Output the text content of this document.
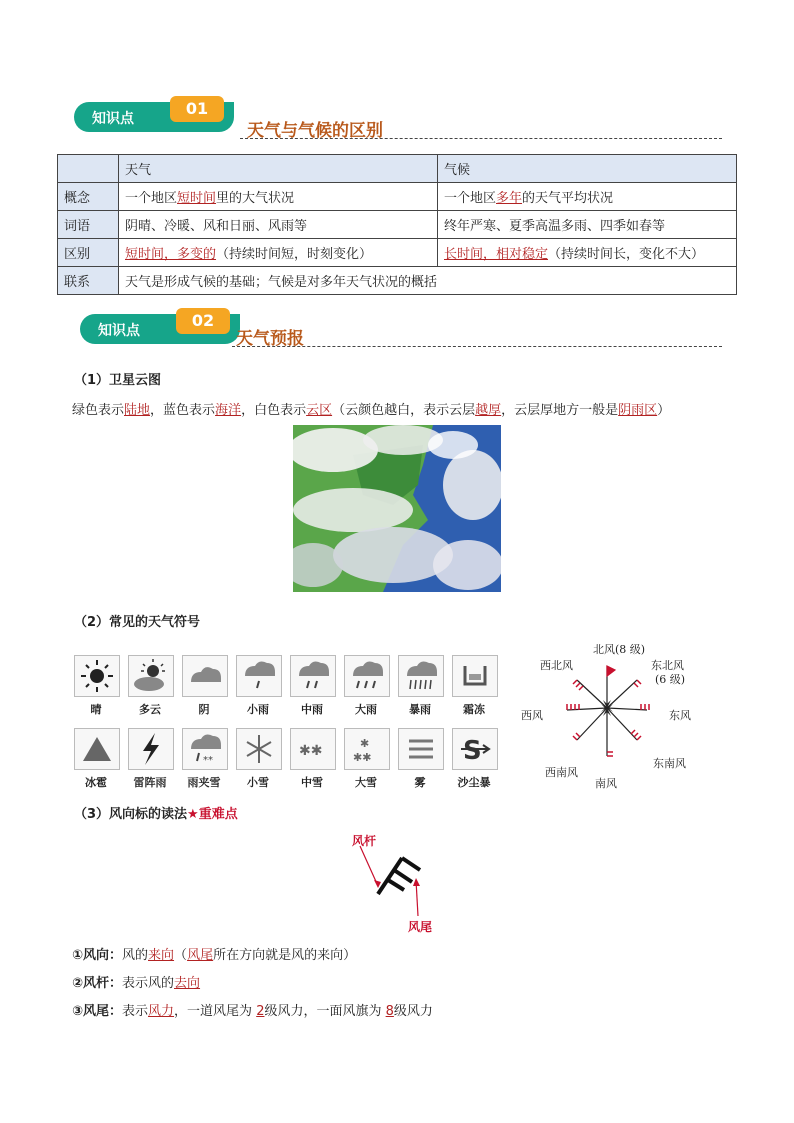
知识点
01
天气与气候的区别
	天气	气候
概念	一个地区短时间里的大气状况	一个地区多年的天气平均状况
词语	阴晴、冷暖、风和日丽、风雨等	终年严寒、夏季高温多雨、四季如春等
区别	短时间，多变的（持续时间短，时刻变化）	长时间，相对稳定（持续时间长，变化不大）
联系	天气是形成气候的基础；气候是对多年天气状况的概括	
知识点
02
天气预报
（1）卫星云图
绿色表示陆地，蓝色表示海洋，白色表示云区（云颜色越白，表示云层越厚，云层厚地方一般是阴雨区）
（2）常见的天气符号
晴	多云	阴	小雨	中雨	大雨	暴雨	霜冻
**
✱✱	✱
✱✱	S
冰雹	雷阵雨	雨夹雪	小雪	中雪	大雪	雾	沙尘暴
北风(8 级)
西北风	东北风
(6 级)
西风	东风
西南风
东南风
南风
（3）风向标的读法★重难点
风杆
风尾
①风向：风的来向（风尾所在方向就是风的来向）
②风杆：表示风的去向
③风尾：表示风力，一道风尾为 2级风力，一面风旗为 8级风力
